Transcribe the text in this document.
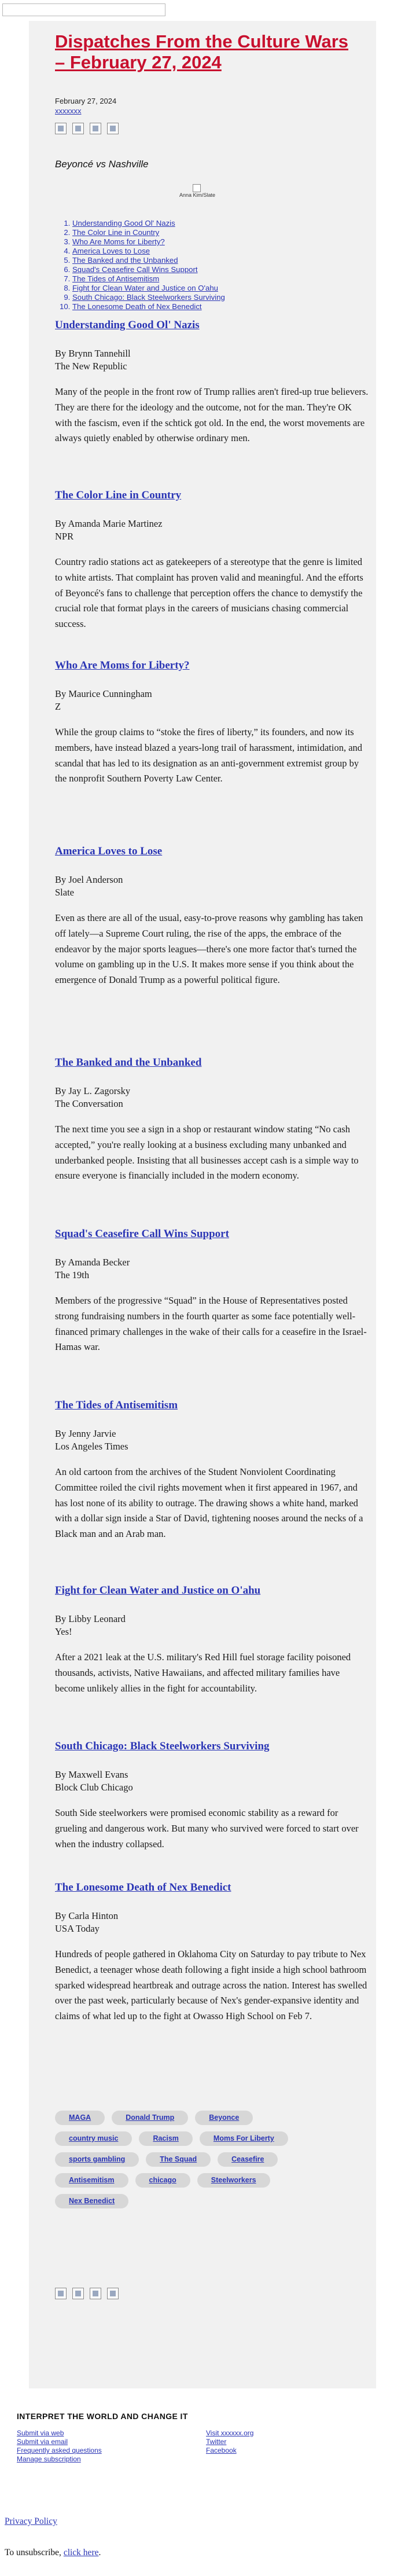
Dispatches From the Culture Wars – February 27, 2024
February 27, 2024
xxxxxxx
Beyoncé vs Nashville
Anna Kim/Slate
1. Understanding Good Ol' Nazis
2. The Color Line in Country
3. Who Are Moms for Liberty?
4. America Loves to Lose
5. The Banked and the Unbanked
6. Squad's Ceasefire Call Wins Support
7. The Tides of Antisemitism
8. Fight for Clean Water and Justice on O'ahu
9. South Chicago: Black Steelworkers Surviving
10. The Lonesome Death of Nex Benedict
Understanding Good Ol' Nazis
By Brynn Tannehill
The New Republic
Many of the people in the front row of Trump rallies aren't fired-up true believers. They are there for the ideology and the outcome, not for the man. They're OK with the fascism, even if the schtick got old. In the end, the worst movements are always quietly enabled by otherwise ordinary men.
The Color Line in Country
By Amanda Marie Martinez
NPR
Country radio stations act as gatekeepers of a stereotype that the genre is limited to white artists. That complaint has proven valid and meaningful. And the efforts of Beyoncé's fans to challenge that perception offers the chance to demystify the crucial role that format plays in the careers of musicians chasing commercial success.
Who Are Moms for Liberty?
By Maurice Cunningham
Z
While the group claims to “stoke the fires of liberty,” its founders, and now its members, have instead blazed a years-long trail of harassment, intimidation, and scandal that has led to its designation as an anti-government extremist group by the nonprofit Southern Poverty Law Center.
America Loves to Lose
By Joel Anderson
Slate
Even as there are all of the usual, easy-to-prove reasons why gambling has taken off lately—a Supreme Court ruling, the rise of the apps, the embrace of the endeavor by the major sports leagues—there's one more factor that's turned the volume on gambling up in the U.S. It makes more sense if you think about the emergence of Donald Trump as a powerful political figure.
The Banked and the Unbanked
By Jay L. Zagorsky
The Conversation
The next time you see a sign in a shop or restaurant window stating “No cash accepted,” you're really looking at a business excluding many unbanked and underbanked people. Insisting that all businesses accept cash is a simple way to ensure everyone is financially included in the modern economy.
Squad's Ceasefire Call Wins Support
By Amanda Becker
The 19th
Members of the progressive “Squad” in the House of Representatives posted strong fundraising numbers in the fourth quarter as some face potentially well-financed primary challenges in the wake of their calls for a ceasefire in the Israel-Hamas war.
The Tides of Antisemitism
By Jenny Jarvie
Los Angeles Times
An old cartoon from the archives of the Student Nonviolent Coordinating Committee roiled the civil rights movement when it first appeared in 1967, and has lost none of its ability to outrage. The drawing shows a white hand, marked with a dollar sign inside a Star of David, tightening nooses around the necks of a Black man and an Arab man.
Fight for Clean Water and Justice on O'ahu
By Libby Leonard
Yes!
After a 2021 leak at the U.S. military's Red Hill fuel storage facility poisoned thousands, activists, Native Hawaiians, and affected military families have become unlikely allies in the fight for accountability.
South Chicago: Black Steelworkers Surviving
By Maxwell Evans
Block Club Chicago
South Side steelworkers were promised economic stability as a reward for grueling and dangerous work. But many who survived were forced to start over when the industry collapsed.
The Lonesome Death of Nex Benedict
By Carla Hinton
USA Today
Hundreds of people gathered in Oklahoma City on Saturday to pay tribute to Nex Benedict, a teenager whose death following a fight inside a high school bathroom sparked widespread heartbreak and outrage across the nation. Interest has swelled over the past week, particularly because of Nex's gender-expansive identity and claims of what led up to the fight at Owasso High School on Feb 7.
MAGA	Donald Trump	Beyonce
country music	Racism	Moms For Liberty
sports gambling	The Squad	Ceasefire
Antisemitism	chicago	Steelworkers
Nex Benedict
INTERPRET THE WORLD AND CHANGE IT
Submit via web
Submit via email
Frequently asked questions
Manage subscription
Visit xxxxxx.org
Twitter
Facebook
Privacy Policy
To unsubscribe, click here.
